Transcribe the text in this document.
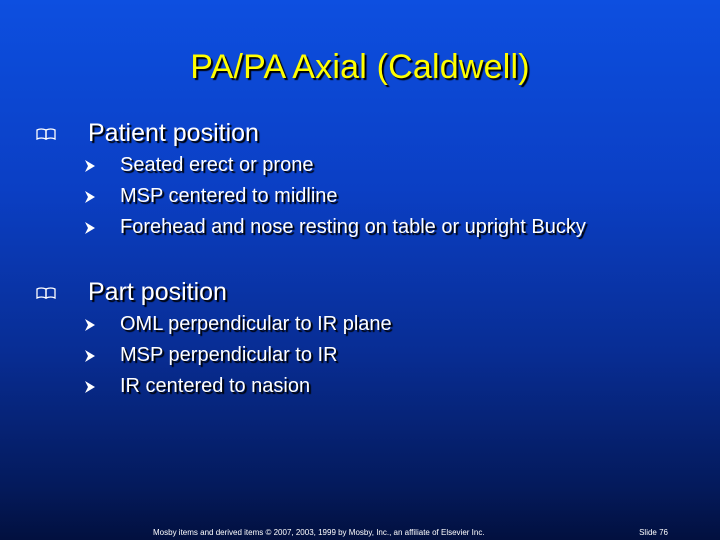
PA/PA Axial (Caldwell)
Patient position
Seated erect or prone
MSP centered to midline
Forehead and nose resting on table or upright Bucky
Part position
OML perpendicular to IR plane
MSP perpendicular to IR
IR centered to nasion
Mosby items and derived items © 2007, 2003, 1999 by Mosby, Inc., an affiliate of Elsevier Inc.	Slide 76
